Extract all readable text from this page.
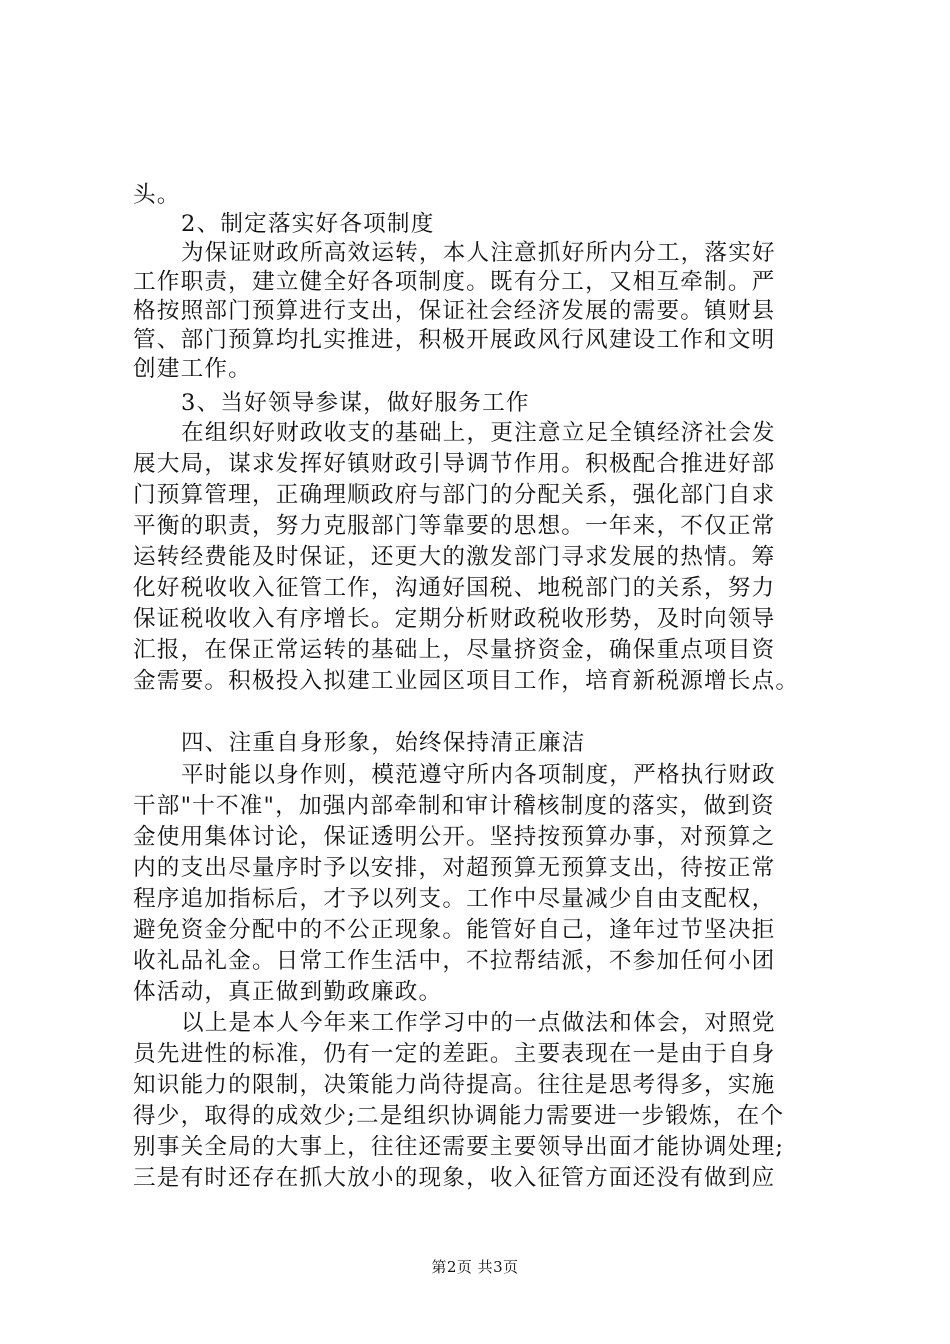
头。
2、制定落实好各项制度
为保证财政所高效运转，本人注意抓好所内分工，落实好
工作职责，建立健全好各项制度。既有分工，又相互牵制。严
格按照部门预算进行支出，保证社会经济发展的需要。镇财县
管、部门预算均扎实推进，积极开展政风行风建设工作和文明
创建工作。
3、当好领导参谋，做好服务工作
在组织好财政收支的基础上，更注意立足全镇经济社会发
展大局，谋求发挥好镇财政引导调节作用。积极配合推进好部
门预算管理，正确理顺政府与部门的分配关系，强化部门自求
平衡的职责，努力克服部门等靠要的思想。一年来，不仅正常
运转经费能及时保证，还更大的激发部门寻求发展的热情。筹
化好税收收入征管工作，沟通好国税、地税部门的关系，努力
保证税收收入有序增长。定期分析财政税收形势，及时向领导
汇报，在保正常运转的基础上，尽量挤资金，确保重点项目资
金需要。积极投入拟建工业园区项目工作，培育新税源增长点。
四、注重自身形象，始终保持清正廉洁
平时能以身作则，模范遵守所内各项制度，严格执行财政
干部"十不准"，加强内部牵制和审计稽核制度的落实，做到资
金使用集体讨论，保证透明公开。坚持按预算办事，对预算之
内的支出尽量序时予以安排，对超预算无预算支出，待按正常
程序追加指标后，才予以列支。工作中尽量减少自由支配权，
避免资金分配中的不公正现象。能管好自己，逢年过节坚决拒
收礼品礼金。日常工作生活中，不拉帮结派，不参加任何小团
体活动，真正做到勤政廉政。
以上是本人今年来工作学习中的一点做法和体会，对照党
员先进性的标准，仍有一定的差距。主要表现在一是由于自身
知识能力的限制，决策能力尚待提高。往往是思考得多，实施
得少，取得的成效少;二是组织协调能力需要进一步锻炼，在个
别事关全局的大事上，往往还需要主要领导出面才能协调处理;
三是有时还存在抓大放小的现象，收入征管方面还没有做到应
第2页 共3页
